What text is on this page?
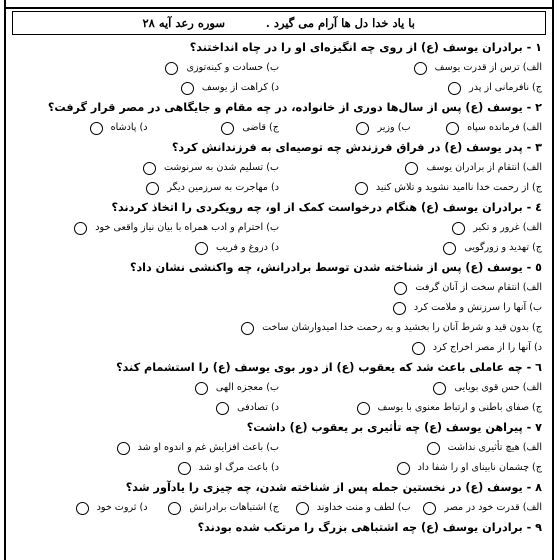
با یاد خدا دل ها آرام می گیرد .
سوره رعد آیه ۲۸
۱ - برادران یوسف (ع) از روی چه انگیزه‌ای او را در چاه انداختند؟
الف) ترس از قدرت یوسف
ب) حسادت و کینه‌توزی
ج) نافرمانی از پدر
د) کراهت از یوسف
۲ - یوسف (ع) پس از سال‌ها دوری از خانواده، در چه مقام و جایگاهی در مصر قرار گرفت؟
الف) فرمانده سپاه
ب) وزیر
ج) قاضی
د) پادشاه
۳ - پدر یوسف (ع) در فراق فرزندش چه توصیه‌ای به فرزندانش کرد؟
الف) انتقام از برادران یوسف
ب) تسلیم شدن به سرنوشت
ج) از رحمت خدا ناامید نشوید و تلاش کنید
د) مهاجرت به سرزمین دیگر
٤ - برادران یوسف (ع) هنگام درخواست کمک از او، چه رویکردی را اتخاذ کردند؟
الف) غرور و تکبر
ب) احترام و ادب همراه با بیان نیاز واقعی خود
ج) تهدید و زورگویی
د) دروغ و فریب
٥ - یوسف (ع) پس از شناخته شدن توسط برادرانش، چه واکنشی نشان داد؟
الف) انتقام سخت از آنان گرفت
ب) آنها را سرزنش و ملامت کرد
ج) بدون قید و شرط آنان را بخشید و به رحمت خدا امیدوارشان ساخت
د) آنها را از مصر اخراج کرد
٦ - چه عاملی باعث شد که یعقوب (ع) از دور بوی یوسف (ع) را استشمام کند؟
الف) حس قوی بویایی
ب) معجزه الهی
ج) صفای باطنی و ارتباط معنوی با یوسف
د) تصادفی
۷ - پیراهن یوسف (ع) چه تأثیری بر یعقوب (ع) داشت؟
الف) هیچ تأثیری نداشت
ب) باعث افزایش غم و اندوه او شد
ج) چشمان نابینای او را شفا داد
د) باعث مرگ او شد
۸ - یوسف (ع) در نخستین جمله پس از شناخته شدن، چه چیزی را یادآور شد؟
الف) قدرت خود در مصر
ب) لطف و منت خداوند
ج) اشتباهات برادرانش
د) ثروت خود
۹ - برادران یوسف (ع) چه اشتباهی بزرگ را مرتکب شده بودند؟
